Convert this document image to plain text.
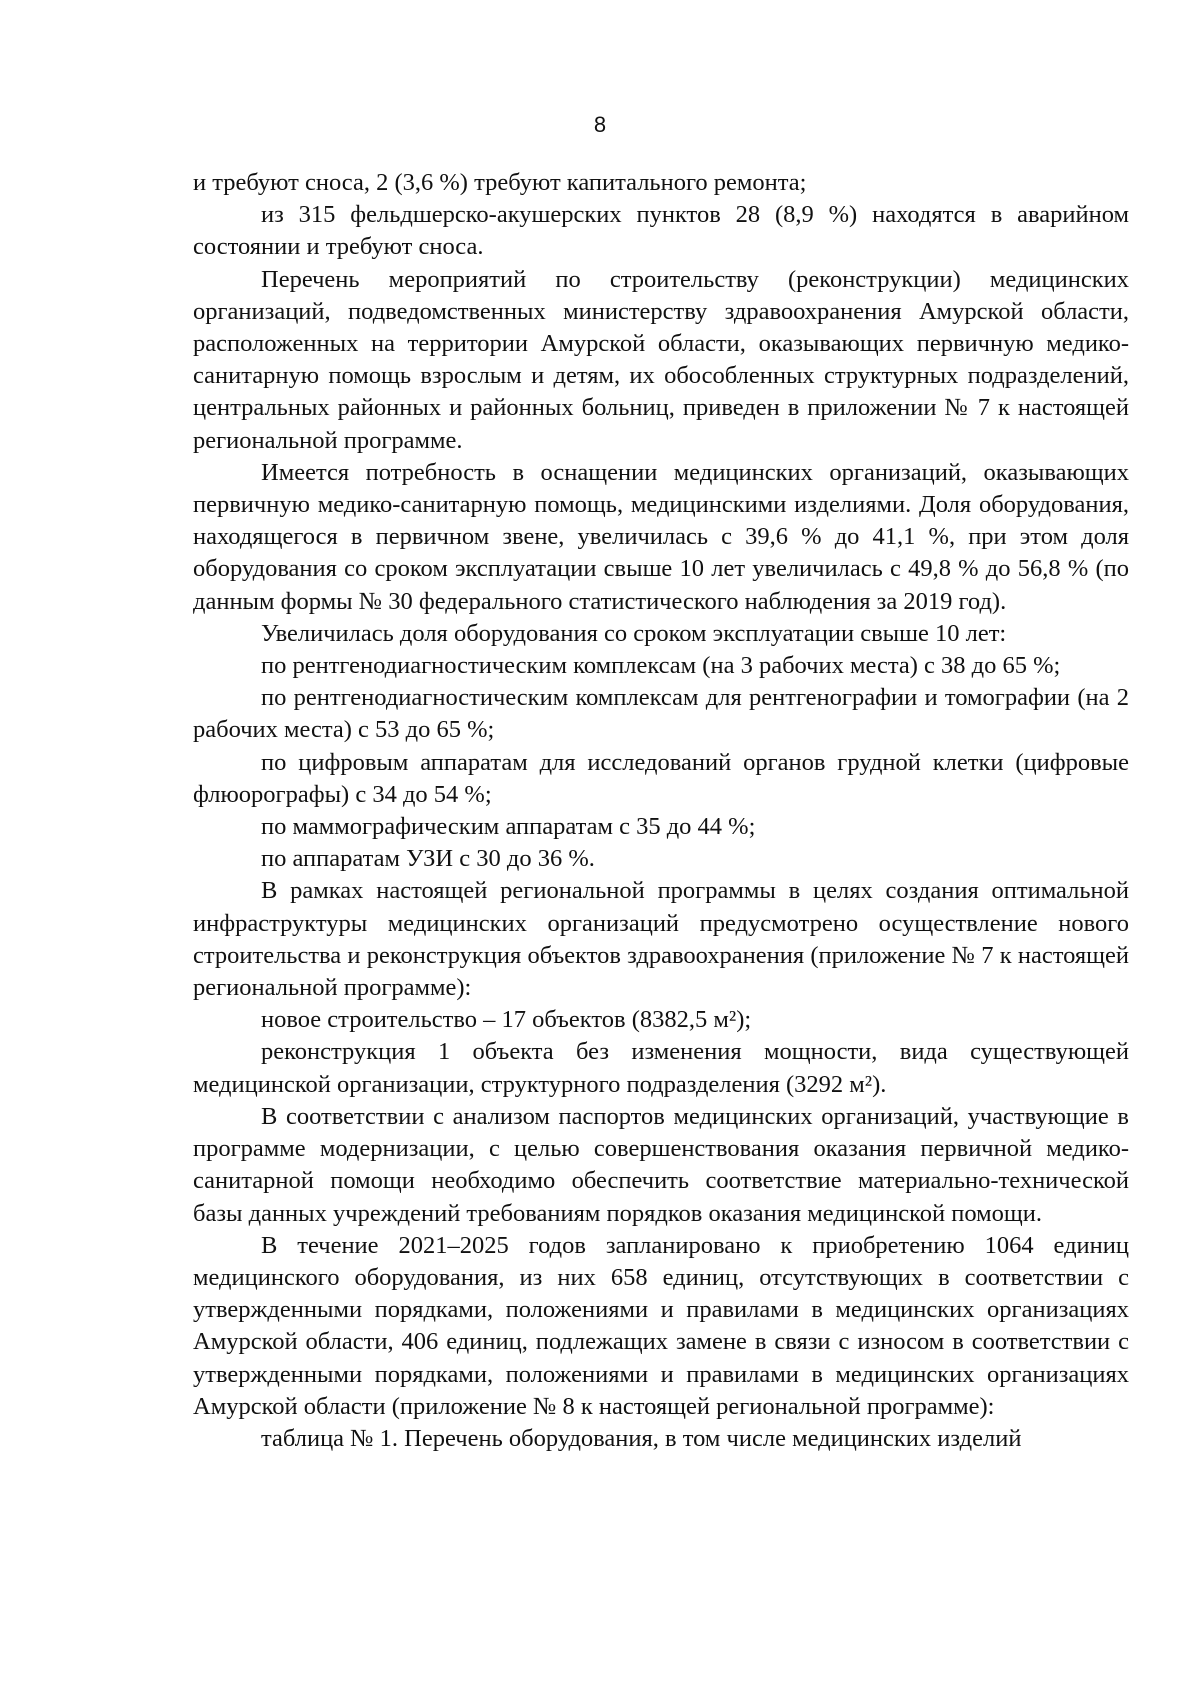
8

и требуют сноса, 2 (3,6 %) требуют капитального ремонта;

из 315 фельдшерско-акушерских пунктов 28 (8,9 %) находятся в аварийном состоянии и требуют сноса.

Перечень мероприятий по строительству (реконструкции) медицинских организаций, подведомственных министерству здравоохранения Амурской области, расположенных на территории Амурской области, оказывающих первичную медико-санитарную помощь взрослым и детям, их обособленных структурных подразделений, центральных районных и районных больниц, приведен в приложении № 7 к настоящей региональной программе.

Имеется потребность в оснащении медицинских организаций, оказывающих первичную медико-санитарную помощь, медицинскими изделиями. Доля оборудования, находящегося в первичном звене, увеличилась с 39,6 % до 41,1 %, при этом доля оборудования со сроком эксплуатации свыше 10 лет увеличилась с 49,8 % до 56,8 % (по данным формы № 30 федерального статистического наблюдения за 2019 год).

Увеличилась доля оборудования со сроком эксплуатации свыше 10 лет:

по рентгенодиагностическим комплексам (на 3 рабочих места) с 38 до 65 %;

по рентгенодиагностическим комплексам для рентгенографии и томографии (на 2 рабочих места) с 53 до 65 %;

по цифровым аппаратам для исследований органов грудной клетки (цифровые флюорографы) с 34 до 54 %;

по маммографическим аппаратам с 35 до 44 %;

по аппаратам УЗИ с 30 до 36 %.

В рамках настоящей региональной программы в целях создания оптимальной инфраструктуры медицинских организаций предусмотрено осуществление нового строительства и реконструкция объектов здравоохранения (приложение № 7 к настоящей региональной программе):

новое строительство – 17 объектов (8382,5 м²);

реконструкция 1 объекта без изменения мощности, вида существующей медицинской организации, структурного подразделения (3292 м²).

В соответствии с анализом паспортов медицинских организаций, участвующие в программе модернизации, с целью совершенствования оказания первичной медико-санитарной помощи необходимо обеспечить соответствие материально-технической базы данных учреждений требованиям порядков оказания медицинской помощи.

В течение 2021–2025 годов запланировано к приобретению 1064 единиц медицинского оборудования, из них 658 единиц, отсутствующих в соответствии с утвержденными порядками, положениями и правилами в медицинских организациях Амурской области, 406 единиц, подлежащих замене в связи с износом в соответствии с утвержденными порядками, положениями и правилами в медицинских организациях Амурской области (приложение № 8 к настоящей региональной программе):

таблица № 1. Перечень оборудования, в том числе медицинских изделий
